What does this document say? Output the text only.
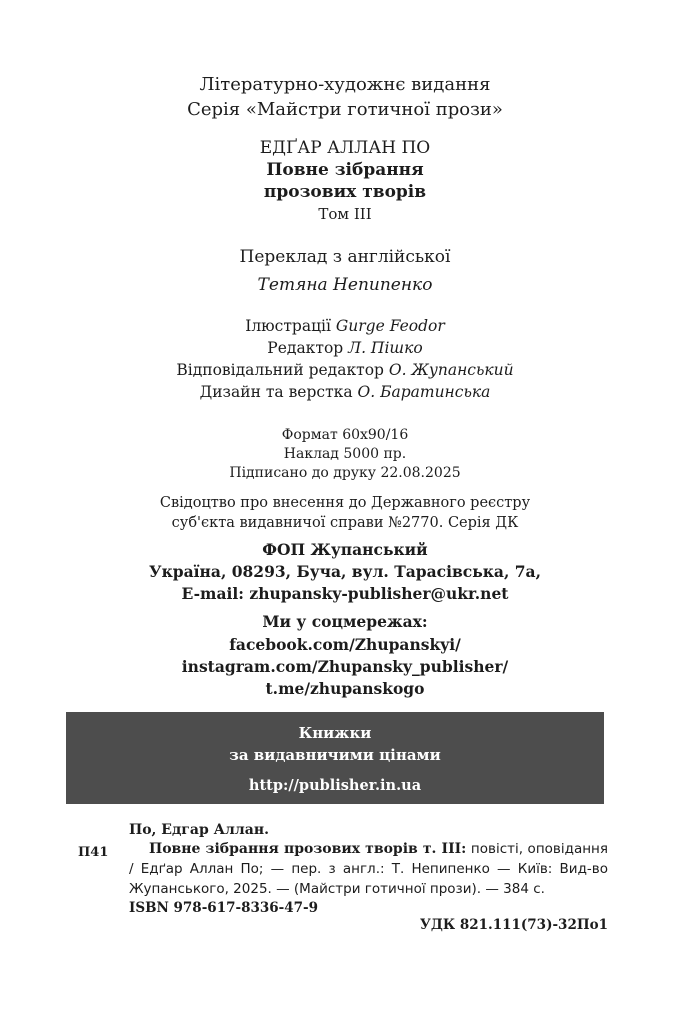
Літературно-художнє видання
Серія «Майстри готичної прози»
ЕДҐАР АЛЛАН ПО
Повне зібрання
прозових творів
Том III
Переклад з англійської
Тетяна Непипенко
Ілюстрації Gurge Feodor
Редактор Л. Пішко
Відповідальний редактор О. Жупанський
Дизайн та верстка О. Баратинська
Формат 60х90/16
Наклад 5000 пр.
Підписано до друку 22.08.2025
Свідоцтво про внесення до Державного реєстру
суб'єкта видавничої справи №2770. Серія ДК
ФОП Жупанський
Україна, 08293, Буча, вул. Тарасівська, 7а,
E-mail: zhupansky-publisher@ukr.net
Ми у соцмережах:
facebook.com/Zhupanskyi/
instagram.com/Zhupansky_publisher/
t.me/zhupanskogo
Книжки
за видавничими цінами
http://publisher.in.ua
П41
По, Едгар Аллан.
Повне зібрання прозових творів т. III: повісті, оповідання / Едґар Аллан По; — пер. з англ.: Т. Непипенко — Київ: Вид-во Жупанського, 2025. — (Майстри готичної прози). — 384 с.
ISBN 978-617-8336-47-9
УДК 821.111(73)-32По1
